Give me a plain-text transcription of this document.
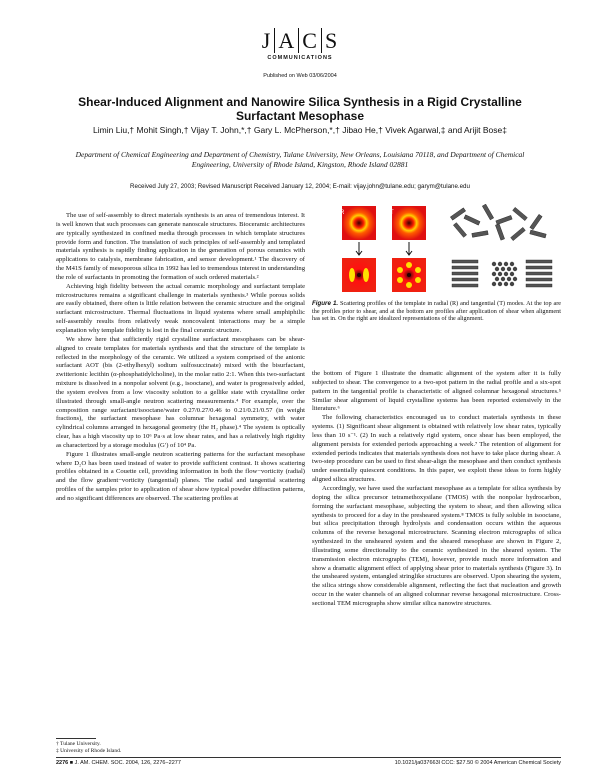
J A C S
COMMUNICATIONS
Published on Web 03/06/2004
Shear-Induced Alignment and Nanowire Silica Synthesis in a Rigid Crystalline Surfactant Mesophase
Limin Liu,† Mohit Singh,† Vijay T. John,*,† Gary L. McPherson,*,† Jibao He,† Vivek Agarwal,‡ and Arijit Bose‡
Department of Chemical Engineering and Department of Chemistry, Tulane University, New Orleans, Louisiana 70118, and Department of Chemical Engineering, University of Rhode Island, Kingston, Rhode Island 02881
Received July 27, 2003; Revised Manuscript Received January 12, 2004; E-mail: vijay.john@tulane.edu; garym@tulane.edu

The use of self-assembly to direct materials synthesis is an area of tremendous interest. It is well known that such processes can generate nanoscale structures. Bioceramic architectures are typically synthesized in confined media through processes in which template structures provide form and function. The translation of such principles of self-assembly and templated materials synthesis is rapidly finding application in the generation of porous ceramics with applications to catalysis, membrane fabrication, and sensor development.¹ The discovery of the M41S family of mesoporous silica in 1992 has led to tremendous interest in understanding the role of surfactants in promoting the formation of such ordered materials.²

Achieving high fidelity between the actual ceramic morphology and surfactant template microstructures remains a significant challenge in materials synthesis.³ While porous solids are easily obtained, there often is little relation between the ceramic structure and the original surfactant microstructure. Thermal fluctuations in liquid systems where small amphiphilic self-assembly results from relatively weak noncovalent interactions may be a simple explanation why template fidelity is lost in the final ceramic structure.

We show here that sufficiently rigid crystalline surfactant mesophases can be shear-aligned to create templates for materials synthesis and that the structure of the template is reflected in the morphology of the ceramic. We utilized a system comprised of the anionic surfactant AOT (bis (2-ethylhexyl) sodium sulfosuccinate) mixed with the bisurfactant, zwitterionic lecithin (α-phosphatidylcholine), in the molar ratio 2:1. When this two-surfactant mixture is dissolved in a nonpolar solvent (e.g., isooctane), and water is progressively added, the system evolves from a low viscosity solution to a gellike state with crystalline order illustrated through small-angle neutron scattering measurements.⁴ For example, over the composition range surfactant/isooctane/water 0.27/0.27/0.46 to 0.21/0.21/0.57 (in weight fractions), the surfactant mesophase has columnar hexagonal symmetry, with water cylindrical columns arranged in hexagonal geometry (the H₂ phase).⁴ The system is optically clear, has a high viscosity up to 10⁶ Pa·s at low shear rates, and has a relatively high rigidity as characterized by a storage modulus (G′) of 10⁴ Pa.

Figure 1 illustrates small-angle neutron scattering patterns for the surfactant mesophase where D₂O has been used instead of water to provide sufficient contrast. It shows scattering profiles obtained in a Couette cell, providing information in both the flow−vorticity (radial) and the flow gradient−vorticity (tangential) planes. The radial and tangential scattering profiles of the samples prior to application of shear show typical powder diffraction patterns, and no significant differences are observed. The scattering profiles at

R	T
Figure 1. Scattering profiles of the template in radial (R) and tangential (T) modes. At the top are the profiles prior to shear, and at the bottom are profiles after application of shear when alignment has set in. On the right are idealized representations of the alignment.

the bottom of Figure 1 illustrate the dramatic alignment of the system after it is fully subjected to shear. The convergence to a two-spot pattern in the radial profile and a six-spot pattern in the tangential profile is characteristic of aligned columnar hexagonal structures.⁵ Similar shear alignment of liquid crystalline systems has been reported extensively in the literature.⁶

The following characteristics encouraged us to conduct materials synthesis in these systems. (1) Significant shear alignment is obtained with relatively low shear rates, typically less than 10 s⁻¹. (2) In such a relatively rigid system, once shear has been employed, the alignment persists for extended periods approaching a week.⁷ The retention of alignment for extended periods indicates that materials synthesis does not have to take place during shear. A two-step procedure can be used to first shear-align the mesophase and then conduct synthesis under essentially quiescent conditions. In this paper, we exploit these ideas to form highly aligned silica structures.

Accordingly, we have used the surfactant mesophase as a template for silica synthesis by doping the silica precursor tetramethoxysilane (TMOS) with the nonpolar hydrocarbon, forming the surfactant mesophase, subjecting the system to shear, and then allowing silica synthesis to proceed for a day in the presheared system.⁸ TMOS is fully soluble in isooctane, but silica precipitation through hydrolysis and condensation occurs within the aqueous columns of the reverse hexagonal microstructure. Scanning electron micrographs of silica synthesized in the unsheared system and the sheared mesophase are shown in Figure 2, illustrating some directionality to the ceramic synthesized in the sheared system. The transmission electron micrographs (TEM), however, provide much more information and show a dramatic alignment effect of applying shear prior to materials synthesis (Figure 3). In the unsheared system, entangled stringlike structures are observed. Upon shearing the system, the silica strings show considerable alignment, reflecting the fact that nucleation and growth occur in the water channels of an aligned columnar reverse hexagonal microstructure. Cross-sectional TEM micrographs show similar silica nanowire structures.

† Tulane University.
‡ University of Rhode Island.
2276 ■ J. AM. CHEM. SOC. 2004, 126, 2276−2277	10.1021/ja037663l CCC: $27.50 © 2004 American Chemical Society
